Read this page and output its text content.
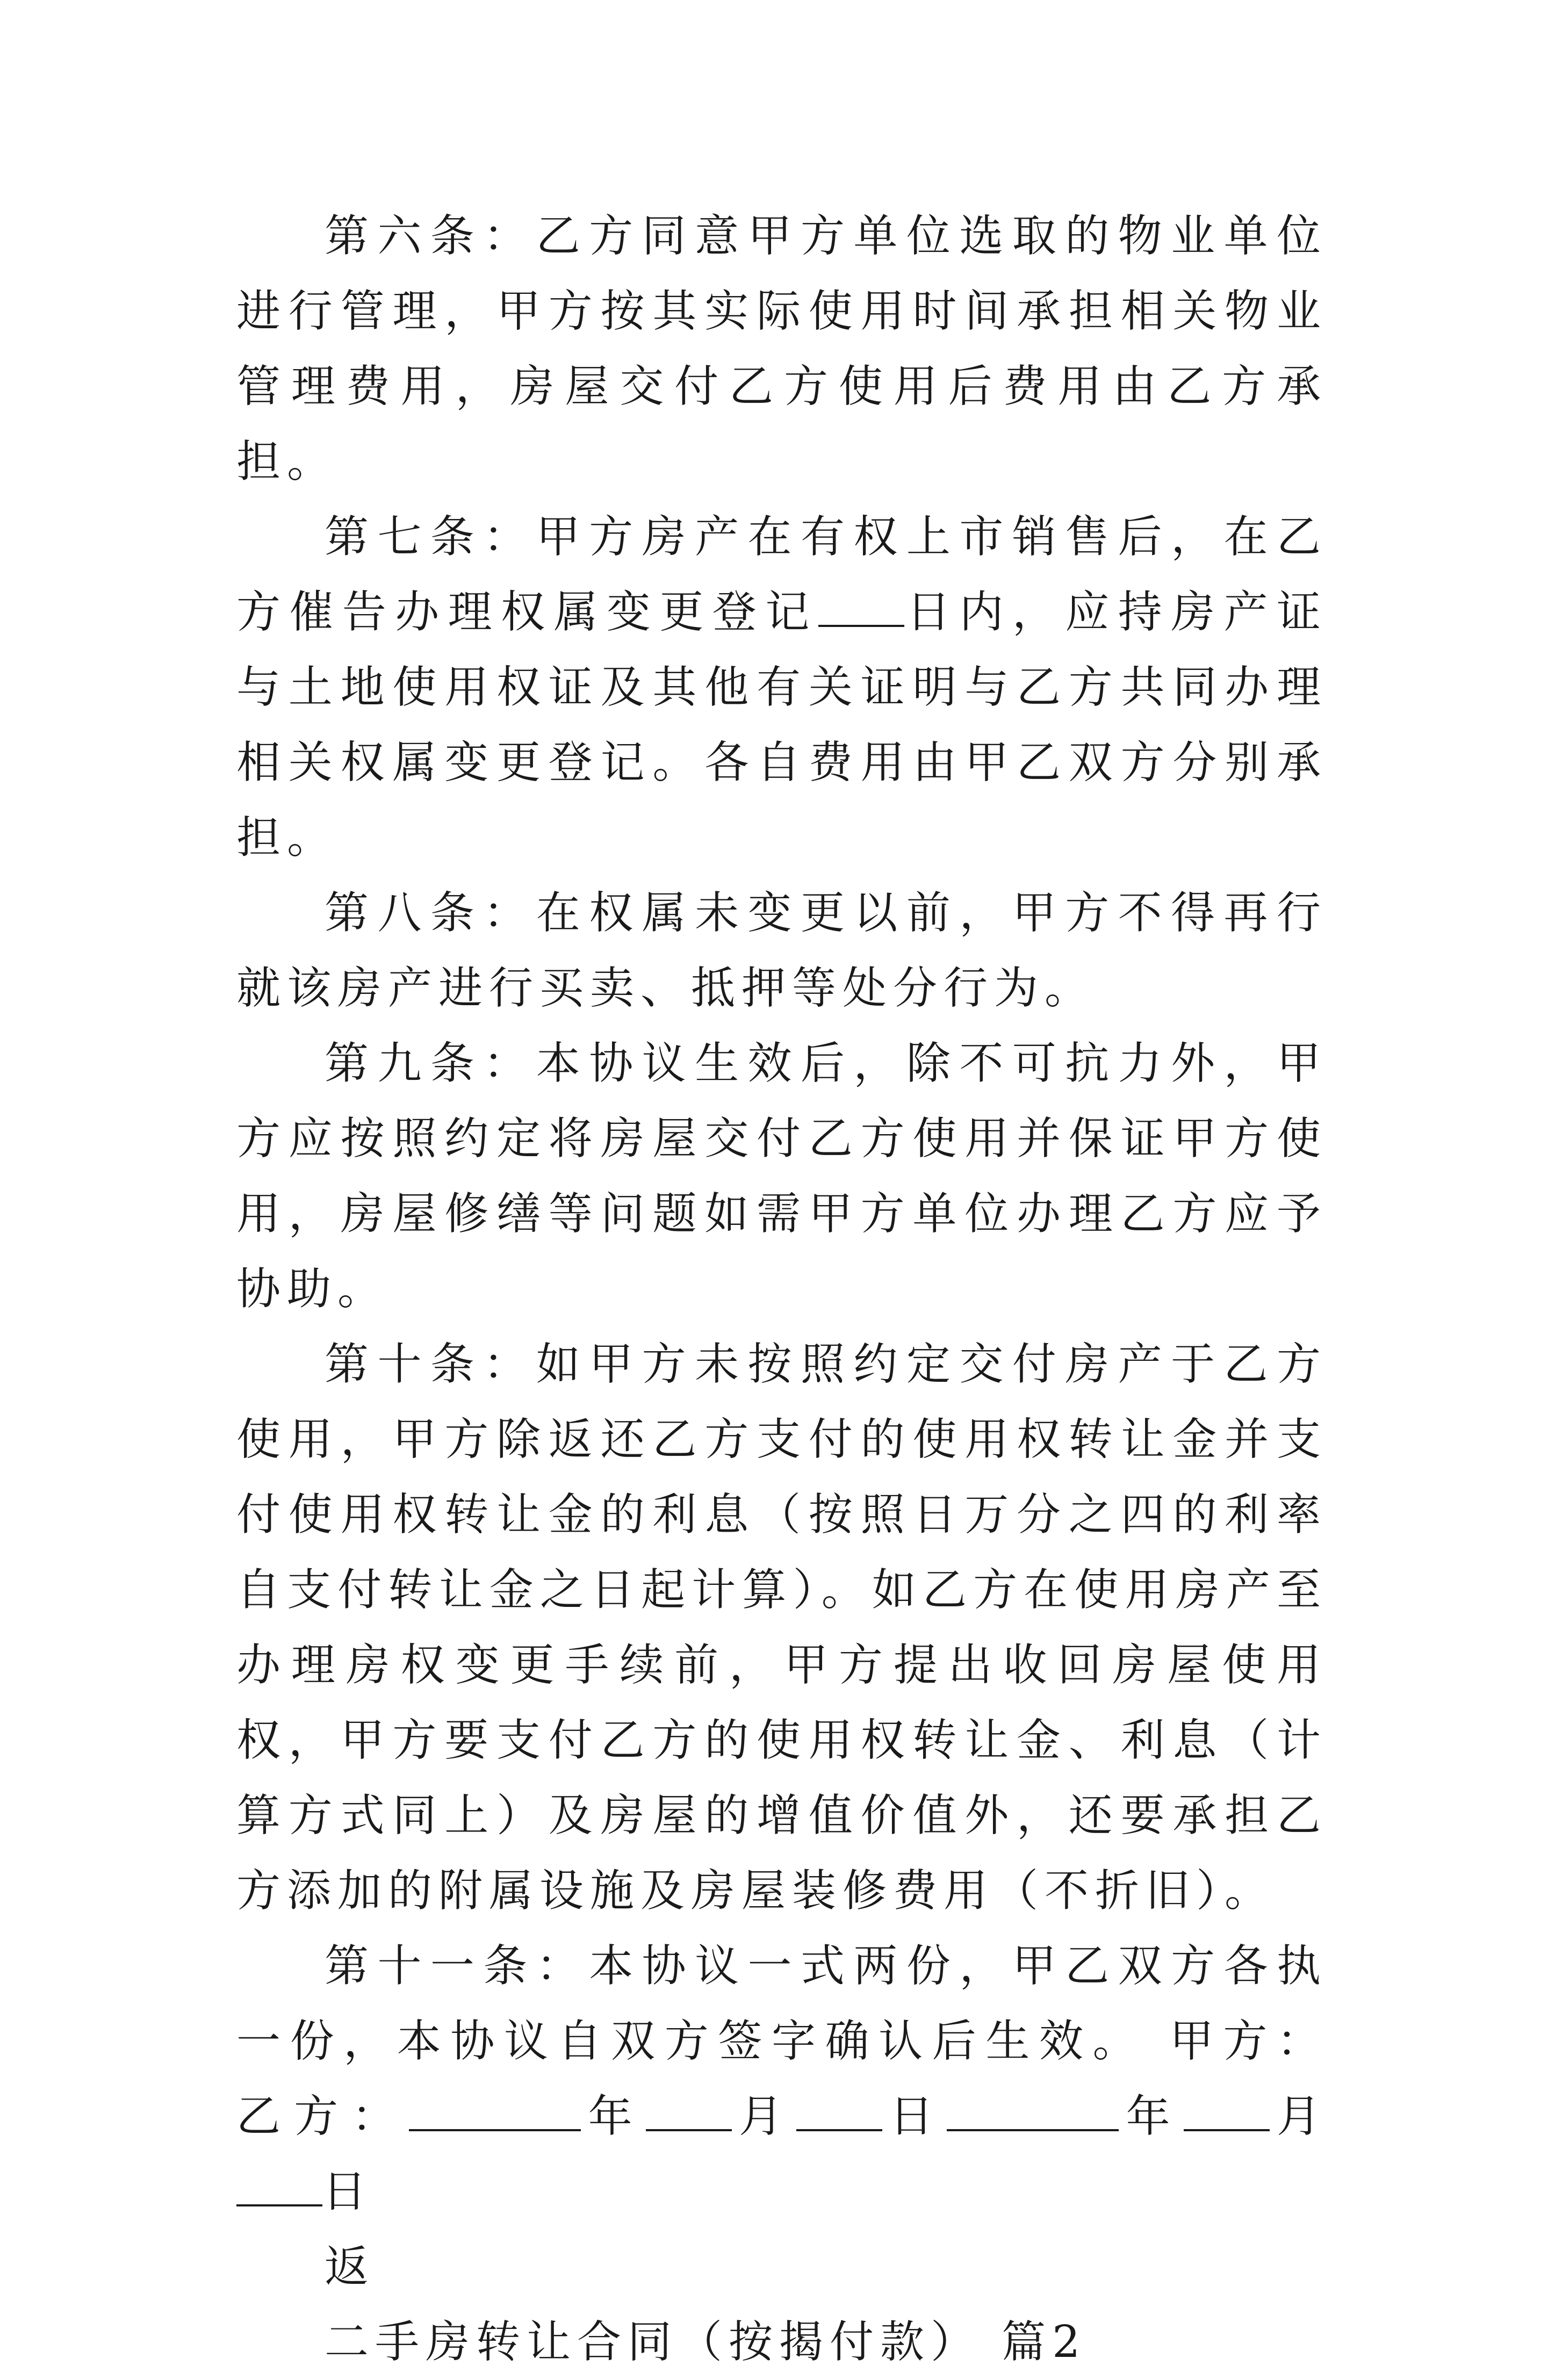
第六条：乙方同意甲方单位选取的物业单位进行管理，甲方按其实际使用时间承担相关物业管理费用，房屋交付乙方使用后费用由乙方承担。

第七条：甲方房产在有权上市销售后，在乙方催告办理权属变更登记 日内，应持房产证与土地使用权证及其他有关证明与乙方共同办理相关权属变更登记。各自费用由甲乙双方分别承担。

第八条：在权属未变更以前，甲方不得再行就该房产进行买卖、抵押等处分行为。

第九条：本协议生效后，除不可抗力外，甲方应按照约定将房屋交付乙方使用并保证甲方使用，房屋修缮等问题如需甲方单位办理乙方应予协助。

第十条：如甲方未按照约定交付房产于乙方使用，甲方除返还乙方支付的使用权转让金并支付使用权转让金的利息（按照日万分之四的利率自支付转让金之日起计算）。如乙方在使用房产至办理房权变更手续前，甲方提出收回房屋使用权，甲方要支付乙方的使用权转让金、利息（计算方式同上）及房屋的增值价值外，还要承担乙方添加的附属设施及房屋装修费用（不折旧）。

第十一条：本协议一式两份，甲乙双方各执一份，本协议自双方签字确认后生效。 甲方： 乙方：	年 月 日	年 月日

返

二手房转让合同（按揭付款） 篇2
